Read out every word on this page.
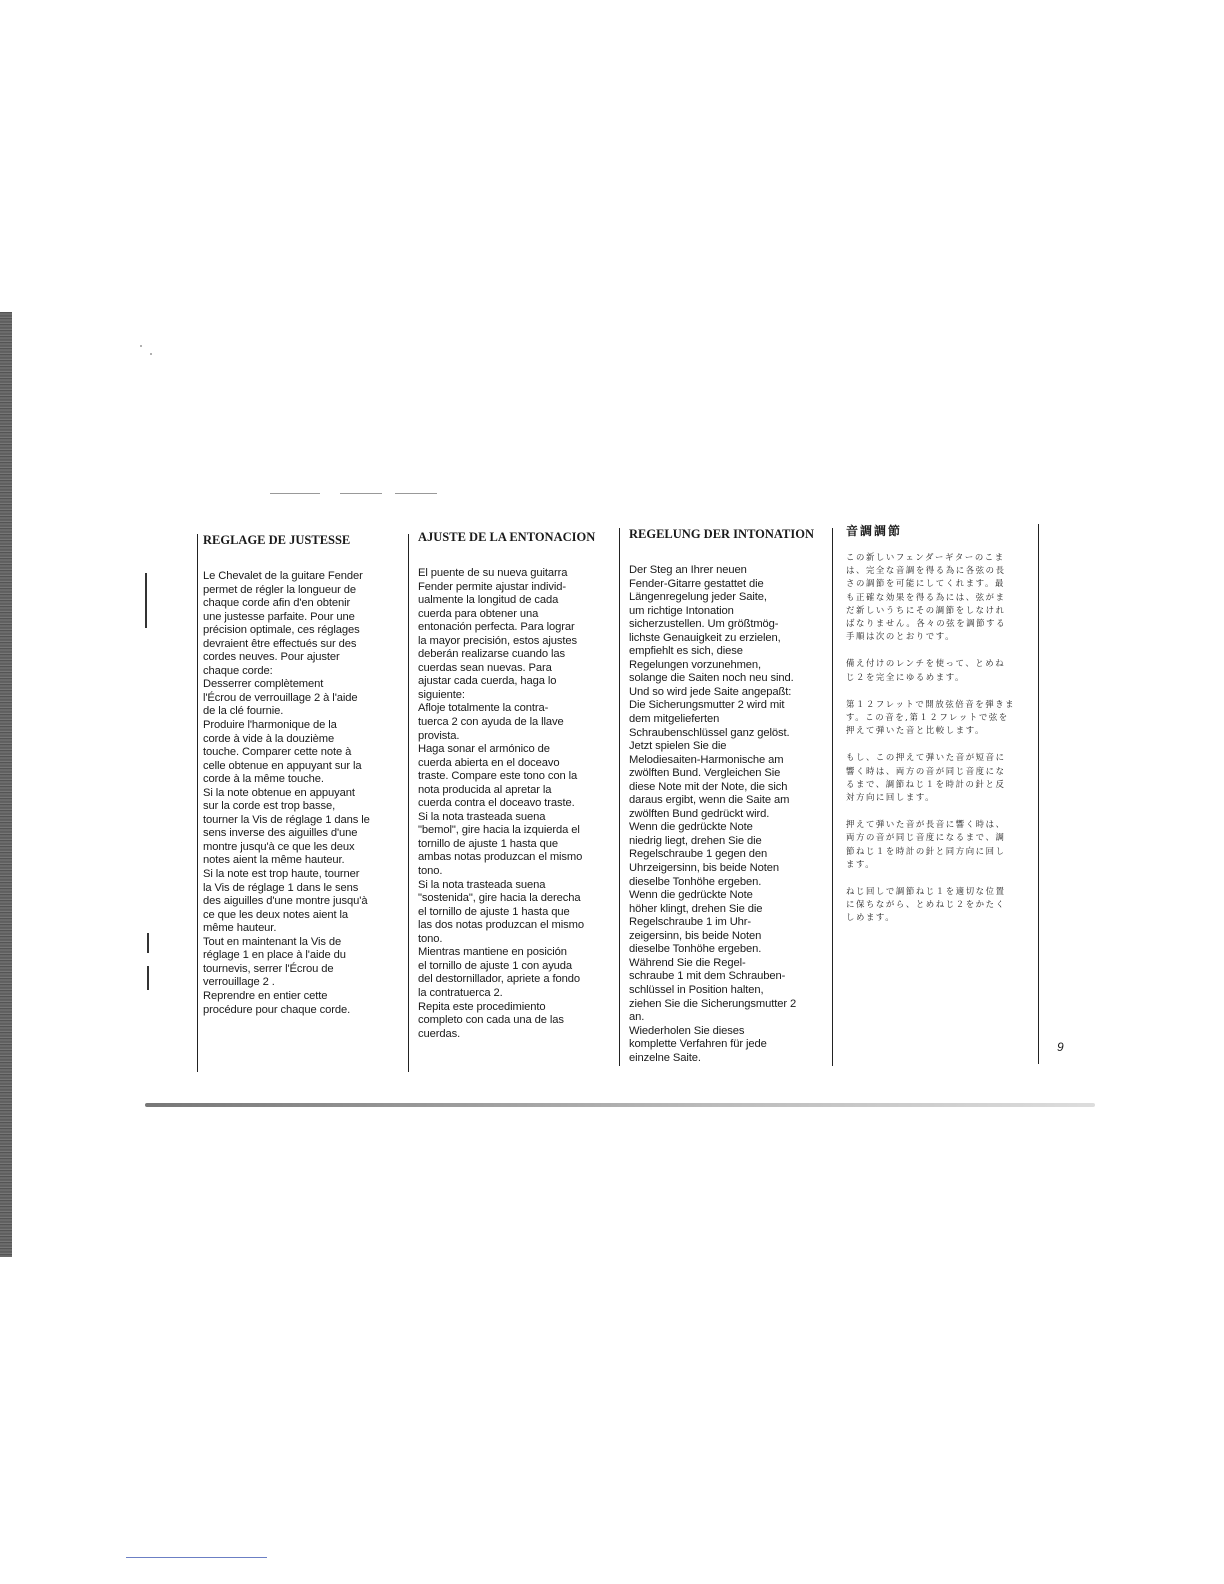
REGLAGE DE JUSTESSE

Le Chevalet de la guitare Fender
permet de régler la longueur de
chaque corde afin d'en obtenir
une justesse parfaite. Pour une
précision optimale, ces réglages
devraient être effectués sur des
cordes neuves. Pour ajuster
chaque corde:
Desserrer complètement
l'Écrou de verrouillage 2 à l'aide
de la clé fournie.
Produire l'harmonique de la
corde à vide à la douzième
touche. Comparer cette note à
celle obtenue en appuyant sur la
corde à la même touche.
Si la note obtenue en appuyant
sur la corde est trop basse,
tourner la Vis de réglage 1 dans le
sens inverse des aiguilles d'une
montre jusqu'à ce que les deux
notes aient la même hauteur.
Si la note est trop haute, tourner
la Vis de réglage 1 dans le sens
des aiguilles d'une montre jusqu'à
ce que les deux notes aient la
même hauteur.
Tout en maintenant la Vis de
réglage 1 en place à l'aide du
tournevis, serrer l'Écrou de
verrouillage 2 .
Reprendre en entier cette
procédure pour chaque corde.

AJUSTE DE LA ENTONACION

El puente de su nueva guitarra
Fender permite ajustar individ-
ualmente la longitud de cada
cuerda para obtener una
entonación perfecta. Para lograr
la mayor precisión, estos ajustes
deberán realizarse cuando las
cuerdas sean nuevas. Para
ajustar cada cuerda, haga lo
siguiente:
Afloje totalmente la contra-
tuerca 2 con ayuda de la llave
provista.
Haga sonar el armónico de
cuerda abierta en el doceavo
traste. Compare este tono con la
nota producida al apretar la
cuerda contra el doceavo traste.
Si la nota trasteada suena
"bemol", gire hacia la izquierda el
tornillo de ajuste 1 hasta que
ambas notas produzcan el mismo
tono.
Si la nota trasteada suena
"sostenida", gire hacia la derecha
el tornillo de ajuste 1 hasta que
las dos notas produzcan el mismo
tono.
Mientras mantiene en posición
el tornillo de ajuste 1 con ayuda
del destornillador, apriete a fondo
la contratuerca 2.
Repita este procedimiento
completo con cada una de las
cuerdas.

REGELUNG DER INTONATION

Der Steg an Ihrer neuen
Fender-Gitarre gestattet die
Längenregelung jeder Saite,
um richtige Intonation
sicherzustellen. Um größtmög-
lichste Genauigkeit zu erzielen,
empfiehlt es sich, diese
Regelungen vorzunehmen,
solange die Saiten noch neu sind.
Und so wird jede Saite angepaßt:
Die Sicherungsmutter 2 wird mit
dem mitgelieferten
Schraubenschlüssel ganz gelöst.
Jetzt spielen Sie die
Melodiesaiten-Harmonische am
zwölften Bund. Vergleichen Sie
diese Note mit der Note, die sich
daraus ergibt, wenn die Saite am
zwölften Bund gedrückt wird.
Wenn die gedrückte Note
niedrig liegt, drehen Sie die
Regelschraube 1 gegen den
Uhrzeigersinn, bis beide Noten
dieselbe Tonhöhe ergeben.
Wenn die gedrückte Note
höher klingt, drehen Sie die
Regelschraube 1 im Uhr-
zeigersinn, bis beide Noten
dieselbe Tonhöhe ergeben.
Während Sie die Regel-
schraube 1 mit dem Schrauben-
schlüssel in Position halten,
ziehen Sie die Sicherungsmutter 2
an.
Wiederholen Sie dieses
komplette Verfahren für jede
einzelne Saite.

音調調節

この新しいフェンダーギターのこま
は、完全な音調を得る為に各弦の長
さの調節を可能にしてくれます。最
も正確な効果を得る為には、弦がま
だ新しいうちにその調節をしなけれ
ばなりません。各々の弦を調節する
手順は次のとおりです。

備え付けのレンチを使って、とめね
じ２を完全にゆるめます。

第１２フレットで開放弦倍音を弾きま
す。この音を,第１２フレットで弦を
押えて弾いた音と比較します。

もし、この押えて弾いた音が短音に
響く時は、両方の音が同じ音度にな
るまで、調節ねじ１を時計の針と反
対方向に回します。

押えて弾いた音が長音に響く時は、
両方の音が同じ音度になるまで、調
節ねじ１を時計の針と同方向に回し
ます。

ねじ回しで調節ねじ１を適切な位置
に保ちながら、とめねじ２をかたく
しめます。

9
